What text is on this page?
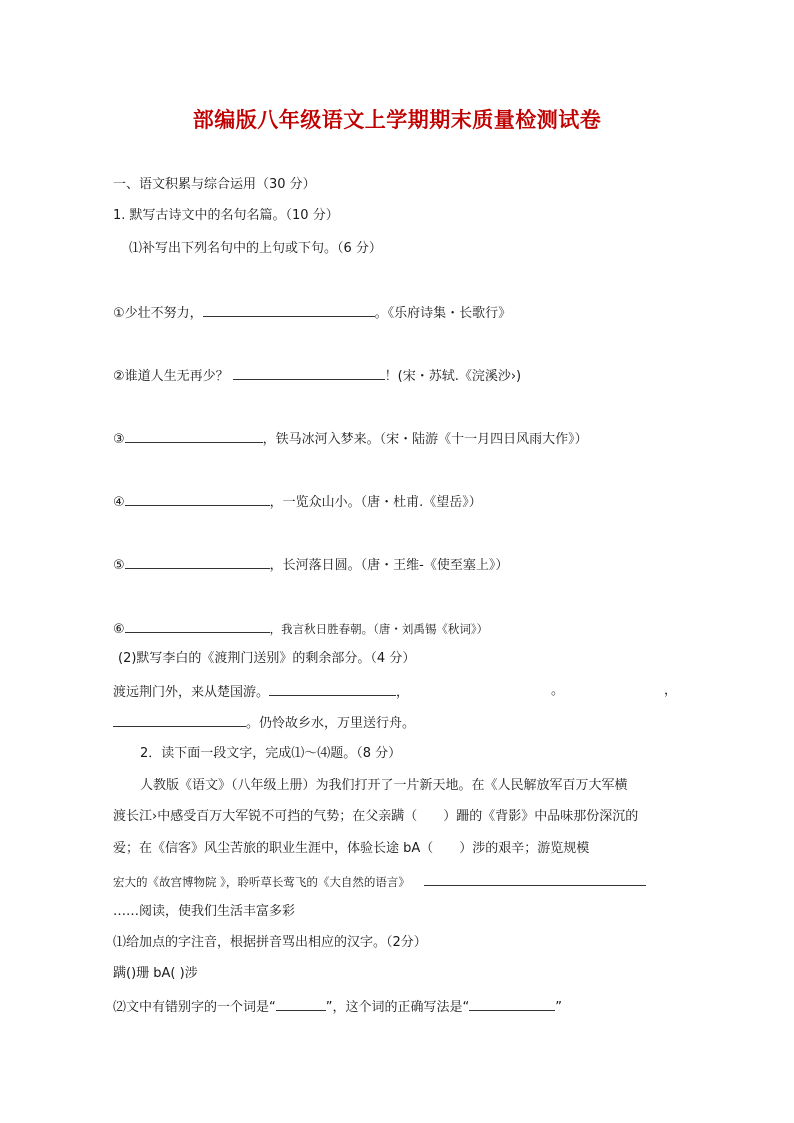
部编版八年级语文上学期期末质量检测试卷
一、语文积累与综合运用（30 分）
1. 默写古诗文中的名句名篇。（10 分）
⑴补写出下列名句中的上句或下句。（6 分）
①少壮不努力，	。《乐府诗集・长歌行》
②谁道人生无再少？	！(宋・苏轼.《浣溪沙›)
③	，铁马冰河入梦来。（宋・陆游《十一月四日风雨大作》）
④	，一览众山小。（唐・杜甫.《望岳》）
⑤	，长河落日圆。（唐・王维-《使至塞上》）
⑥	，我言秋日胜春朝。（唐・刘禹锡《秋词》）
(2)默写李白的《渡荆门送别》的剩余部分。（4 分）
渡远荆门外，来从楚国游。	，	。	，
。仍怜故乡水，万里送行舟。
2．读下面一段文字，完成⑴～⑷题。（8 分）
人教版《语文》（八年级上册）为我们打开了一片新天地。在《人民解放军百万大军横
渡长江›中感受百万大军锐不可挡的气势；在父亲蹒（ ）跚的《背影》中品味那份深沉的
爱；在《信客》风尘苦旅的职业生涯中，体验长途 bA（ ）涉的艰辛；游览规模
宏大的《故宫博物院 》，聆听草长莺飞的《大自然的语言》
……阅读，使我们生活丰富多彩
⑴给加点的字注音，根据拼音骂出相应的汉字。（2分）
蹒()珊 bA( )涉
⑵文中有错别字的一个词是“	”，这个词的正确写法是“	”
